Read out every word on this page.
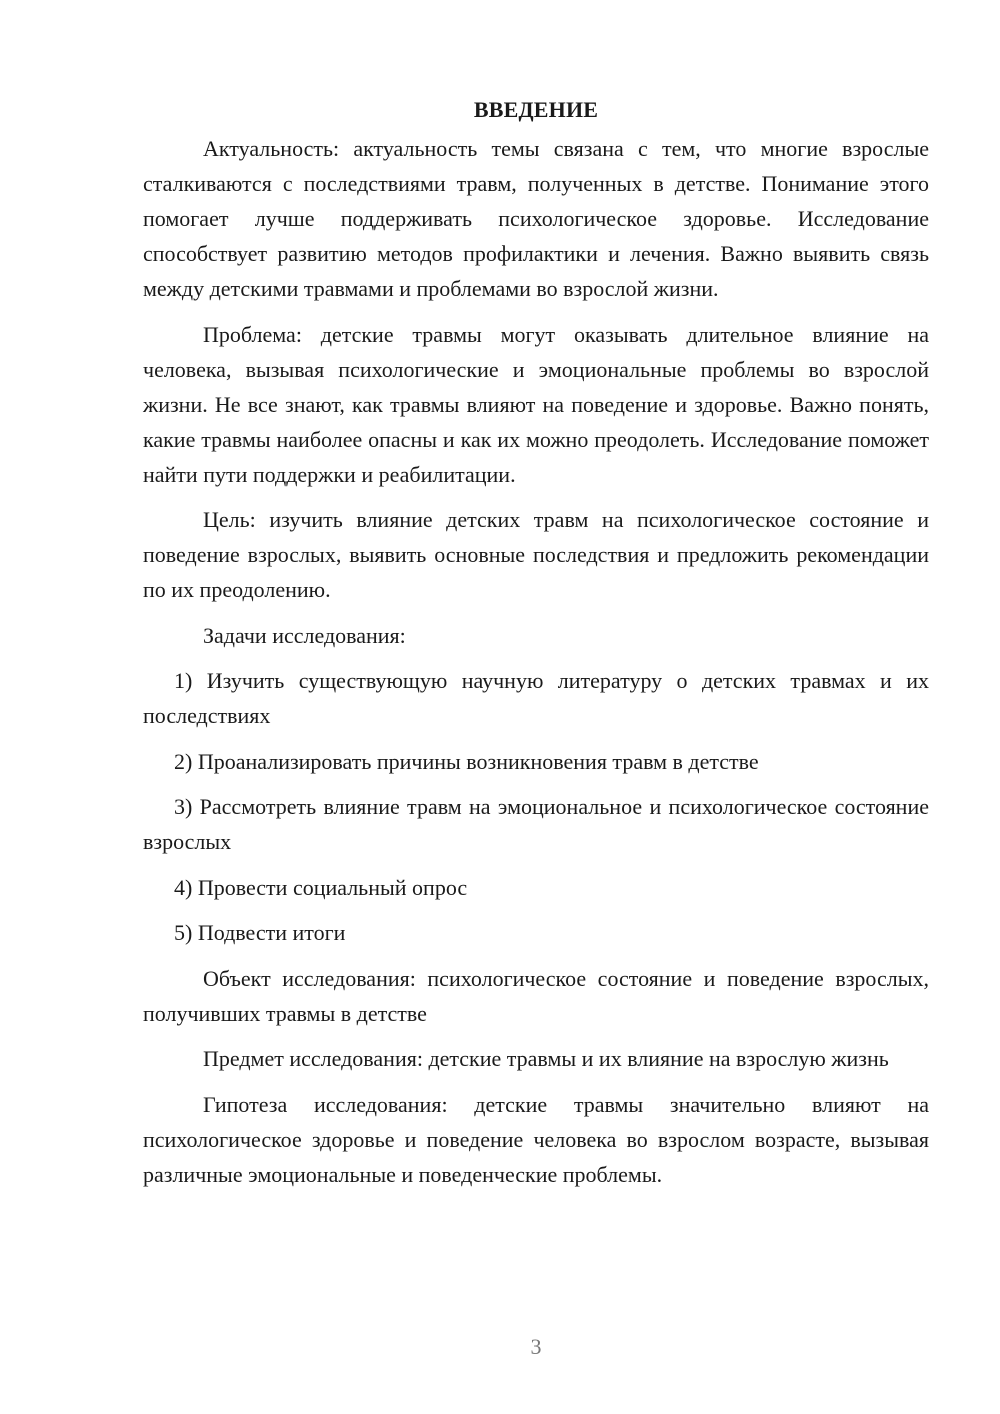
ВВЕДЕНИЕ

Актуальность: актуальность темы связана с тем, что многие взрослые сталкиваются с последствиями травм, полученных в детстве. Понимание этого помогает лучше поддерживать психологическое здоровье. Исследование способствует развитию методов профилактики и лечения. Важно выявить связь между детскими травмами и проблемами во взрослой жизни.

Проблема: детские травмы могут оказывать длительное влияние на человека, вызывая психологические и эмоциональные проблемы во взрослой жизни. Не все знают, как травмы влияют на поведение и здоровье. Важно понять, какие травмы наиболее опасны и как их можно преодолеть. Исследование поможет найти пути поддержки и реабилитации.

Цель: изучить влияние детских травм на психологическое состояние и поведение взрослых, выявить основные последствия и предложить рекомендации по их преодолению.

Задачи исследования:

1) Изучить существующую научную литературу о детских травмах и их последствиях

2) Проанализировать причины возникновения травм в детстве

3) Рассмотреть влияние травм на эмоциональное и психологическое состояние взрослых

4) Провести социальный опрос

5) Подвести итоги

Объект исследования: психологическое состояние и поведение взрослых, получивших травмы в детстве

Предмет исследования: детские травмы и их влияние на взрослую жизнь

Гипотеза исследования: детские травмы значительно влияют на психологическое здоровье и поведение человека во взрослом возрасте, вызывая различные эмоциональные и поведенческие проблемы.

3
